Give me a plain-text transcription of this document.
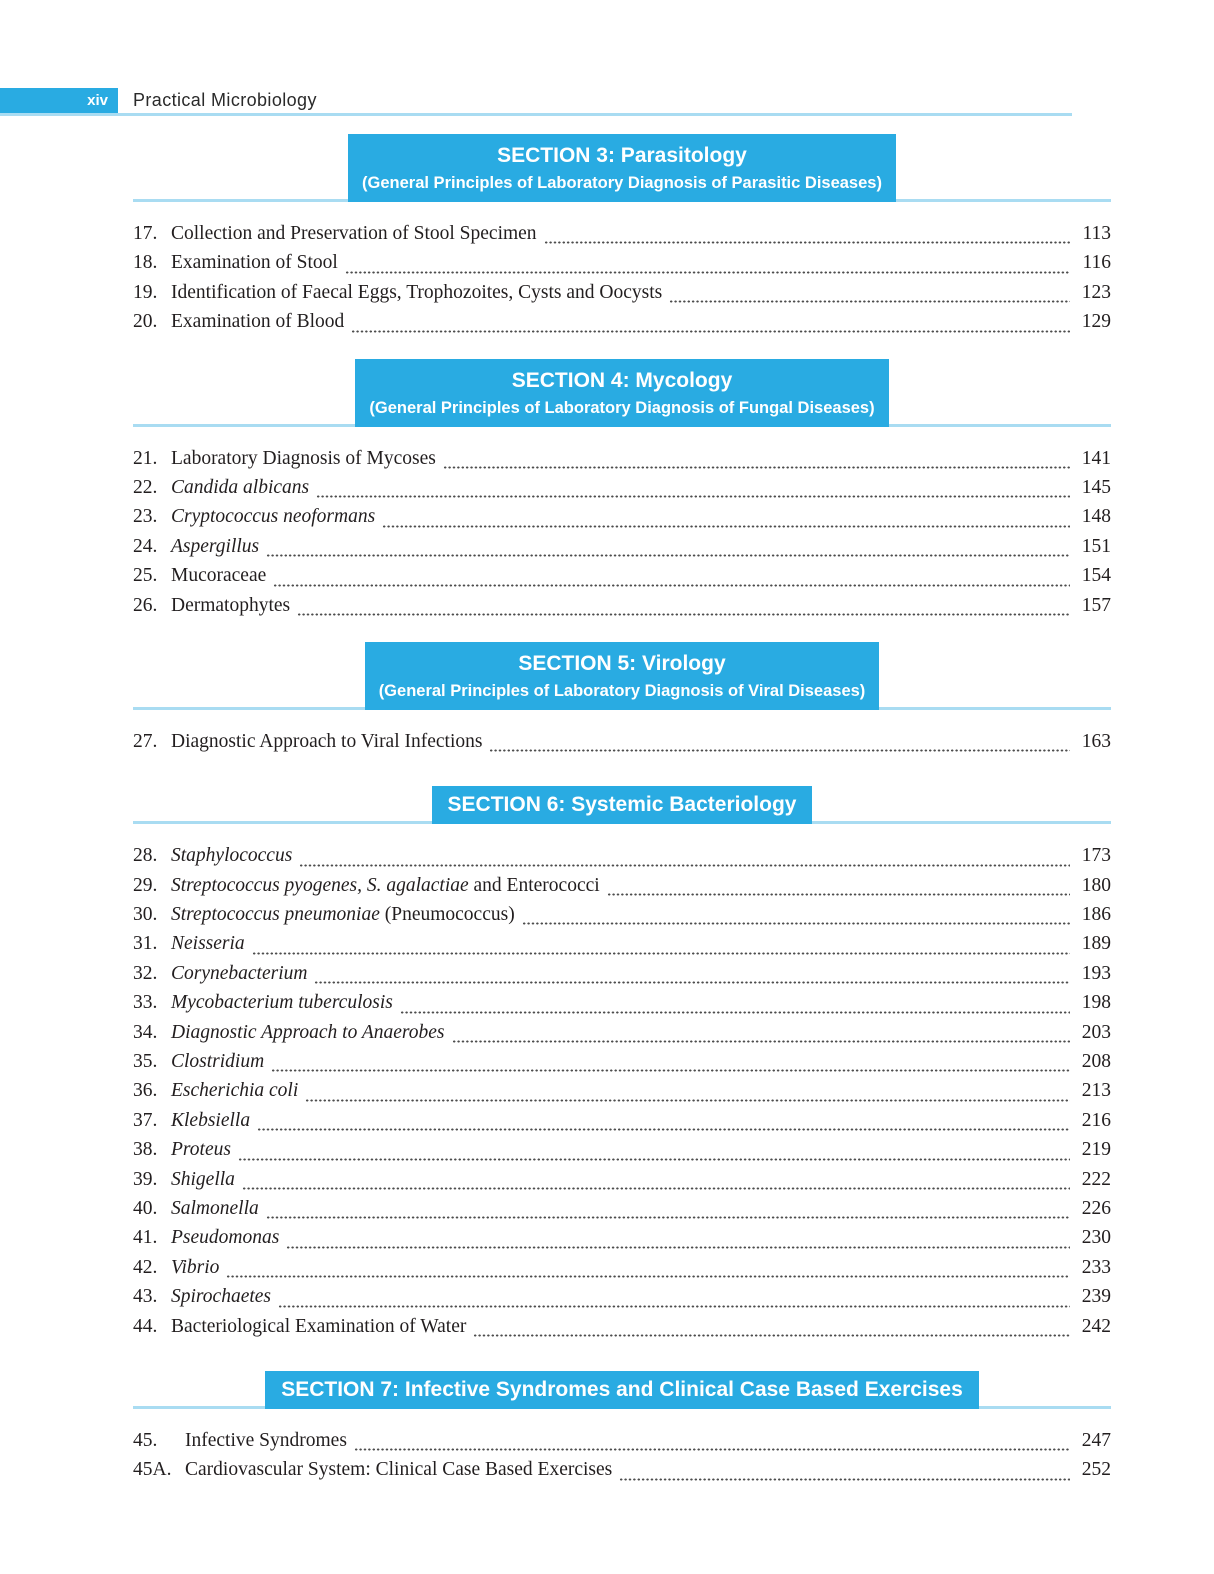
xiv Practical Microbiology
SECTION 3: Parasitology
(General Principles of Laboratory Diagnosis of Parasitic Diseases)
17. Collection and Preservation of Stool Specimen	113
18. Examination of Stool	116
19. Identification of Faecal Eggs, Trophozoites, Cysts and Oocysts	123
20. Examination of Blood	129
SECTION 4: Mycology
(General Principles of Laboratory Diagnosis of Fungal Diseases)
21. Laboratory Diagnosis of Mycoses	141
22. Candida albicans	145
23. Cryptococcus neoformans	148
24. Aspergillus	151
25. Mucoraceae	154
26. Dermatophytes	157
SECTION 5: Virology
(General Principles of Laboratory Diagnosis of Viral Diseases)
27. Diagnostic Approach to Viral Infections	163
SECTION 6: Systemic Bacteriology
28. Staphylococcus	173
29. Streptococcus pyogenes, S. agalactiae and Enterococci	180
30. Streptococcus pneumoniae (Pneumococcus)	186
31. Neisseria	189
32. Corynebacterium	193
33. Mycobacterium tuberculosis	198
34. Diagnostic Approach to Anaerobes	203
35. Clostridium	208
36. Escherichia coli	213
37. Klebsiella	216
38. Proteus	219
39. Shigella	222
40. Salmonella	226
41. Pseudomonas	230
42. Vibrio	233
43. Spirochaetes	239
44. Bacteriological Examination of Water	242
SECTION 7: Infective Syndromes and Clinical Case Based Exercises
45.	Infective Syndromes	247
45A. Cardiovascular System: Clinical Case Based Exercises	252
